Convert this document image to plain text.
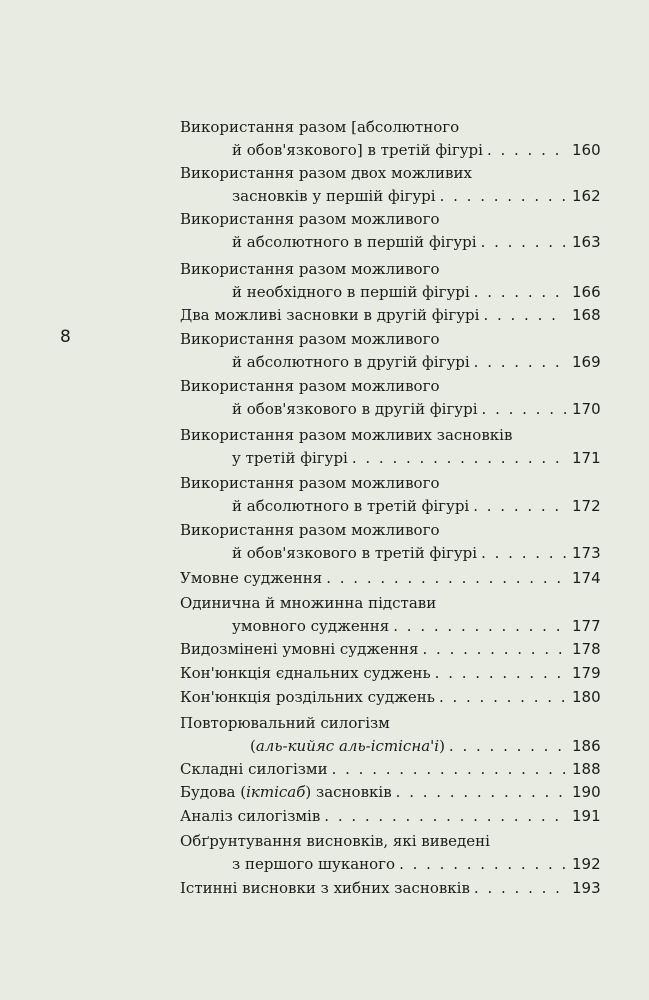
8
Використання разом [абсолютного
й обов'язкового] в третій фігурі . . .	160
Використання разом двох можливих
засновків у першій фігурі . . .	162
Використання разом можливого
й абсолютного в першій фігурі . . .	163
Використання разом можливого
й необхідного в першій фігурі . . .	166
Два можливі засновки в другій фігурі . . .	168
Використання разом можливого
й абсолютного в другій фігурі . . .	169
Використання разом можливого
й обов'язкового в другій фігурі . . .	170
Використання разом можливих засновків
у третій фігурі . . .	171
Використання разом можливого
й абсолютного в третій фігурі . . .	172
Використання разом можливого
й обов'язкового в третій фігурі . . .	173
Умовне судження . . .	174
Одинична й множинна підстави
умовного судження . . .	177
Видозмінені умовні судження . . .	178
Кон'юнкція єднальних суджень . . .	179
Кон'юнкція роздільних суджень . . .	180
Повторювальний силогізм
(аль-кийяс аль-істісна'і) . . .	186
Складні силогізми . . .	188
Будова (іктісаб) засновків . . .	190
Аналіз силогізмів . . .	191
Обґрунтування висновків, які виведені
з першого шуканого . . .	192
Істинні висновки з хибних засновків . . .	193
